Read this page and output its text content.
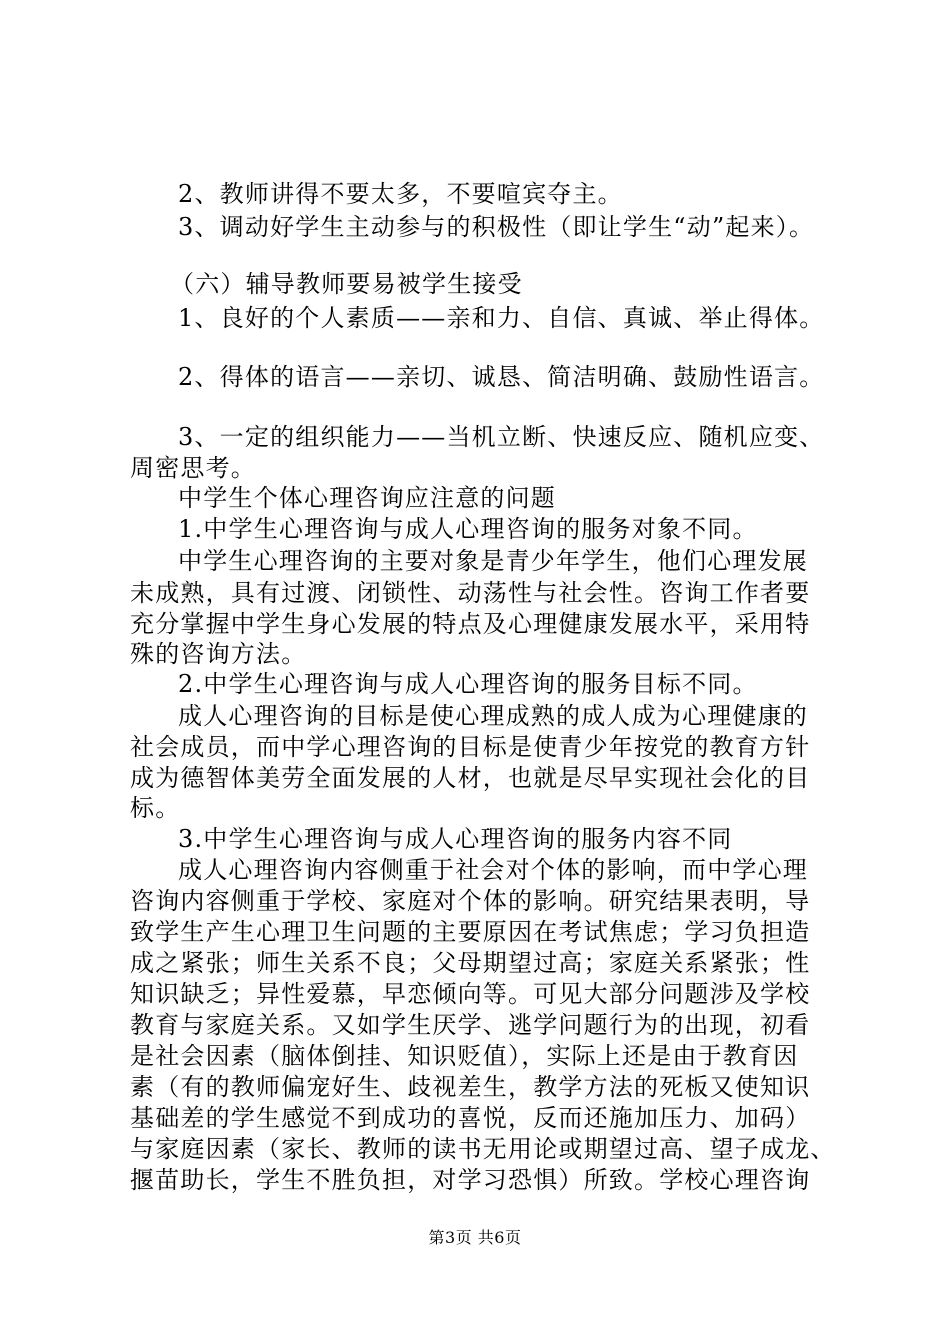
2、教师讲得不要太多，不要喧宾夺主。
3、调动好学生主动参与的积极性（即让学生“动”起来）。
（六）辅导教师要易被学生接受
1、良好的个人素质——亲和力、自信、真诚、举止得体。
2、得体的语言——亲切、诚恳、简洁明确、鼓励性语言。
3、一定的组织能力——当机立断、快速反应、随机应变、
周密思考。
中学生个体心理咨询应注意的问题
1.中学生心理咨询与成人心理咨询的服务对象不同。
中学生心理咨询的主要对象是青少年学生，他们心理发展
未成熟，具有过渡、闭锁性、动荡性与社会性。咨询工作者要
充分掌握中学生身心发展的特点及心理健康发展水平，采用特
殊的咨询方法。
2.中学生心理咨询与成人心理咨询的服务目标不同。
成人心理咨询的目标是使心理成熟的成人成为心理健康的
社会成员，而中学心理咨询的目标是使青少年按党的教育方针
成为德智体美劳全面发展的人材，也就是尽早实现社会化的目
标。
3.中学生心理咨询与成人心理咨询的服务内容不同
成人心理咨询内容侧重于社会对个体的影响，而中学心理
咨询内容侧重于学校、家庭对个体的影响。研究结果表明，导
致学生产生心理卫生问题的主要原因在考试焦虑；学习负担造
成之紧张；师生关系不良；父母期望过高；家庭关系紧张；性
知识缺乏；异性爱慕，早恋倾向等。可见大部分问题涉及学校
教育与家庭关系。又如学生厌学、逃学问题行为的出现，初看
是社会因素（脑体倒挂、知识贬值），实际上还是由于教育因
素（有的教师偏宠好生、歧视差生，教学方法的死板又使知识
基础差的学生感觉不到成功的喜悦，反而还施加压力、加码）
与家庭因素（家长、教师的读书无用论或期望过高、望子成龙、
揠苗助长，学生不胜负担，对学习恐惧）所致。学校心理咨询
第3页 共6页
